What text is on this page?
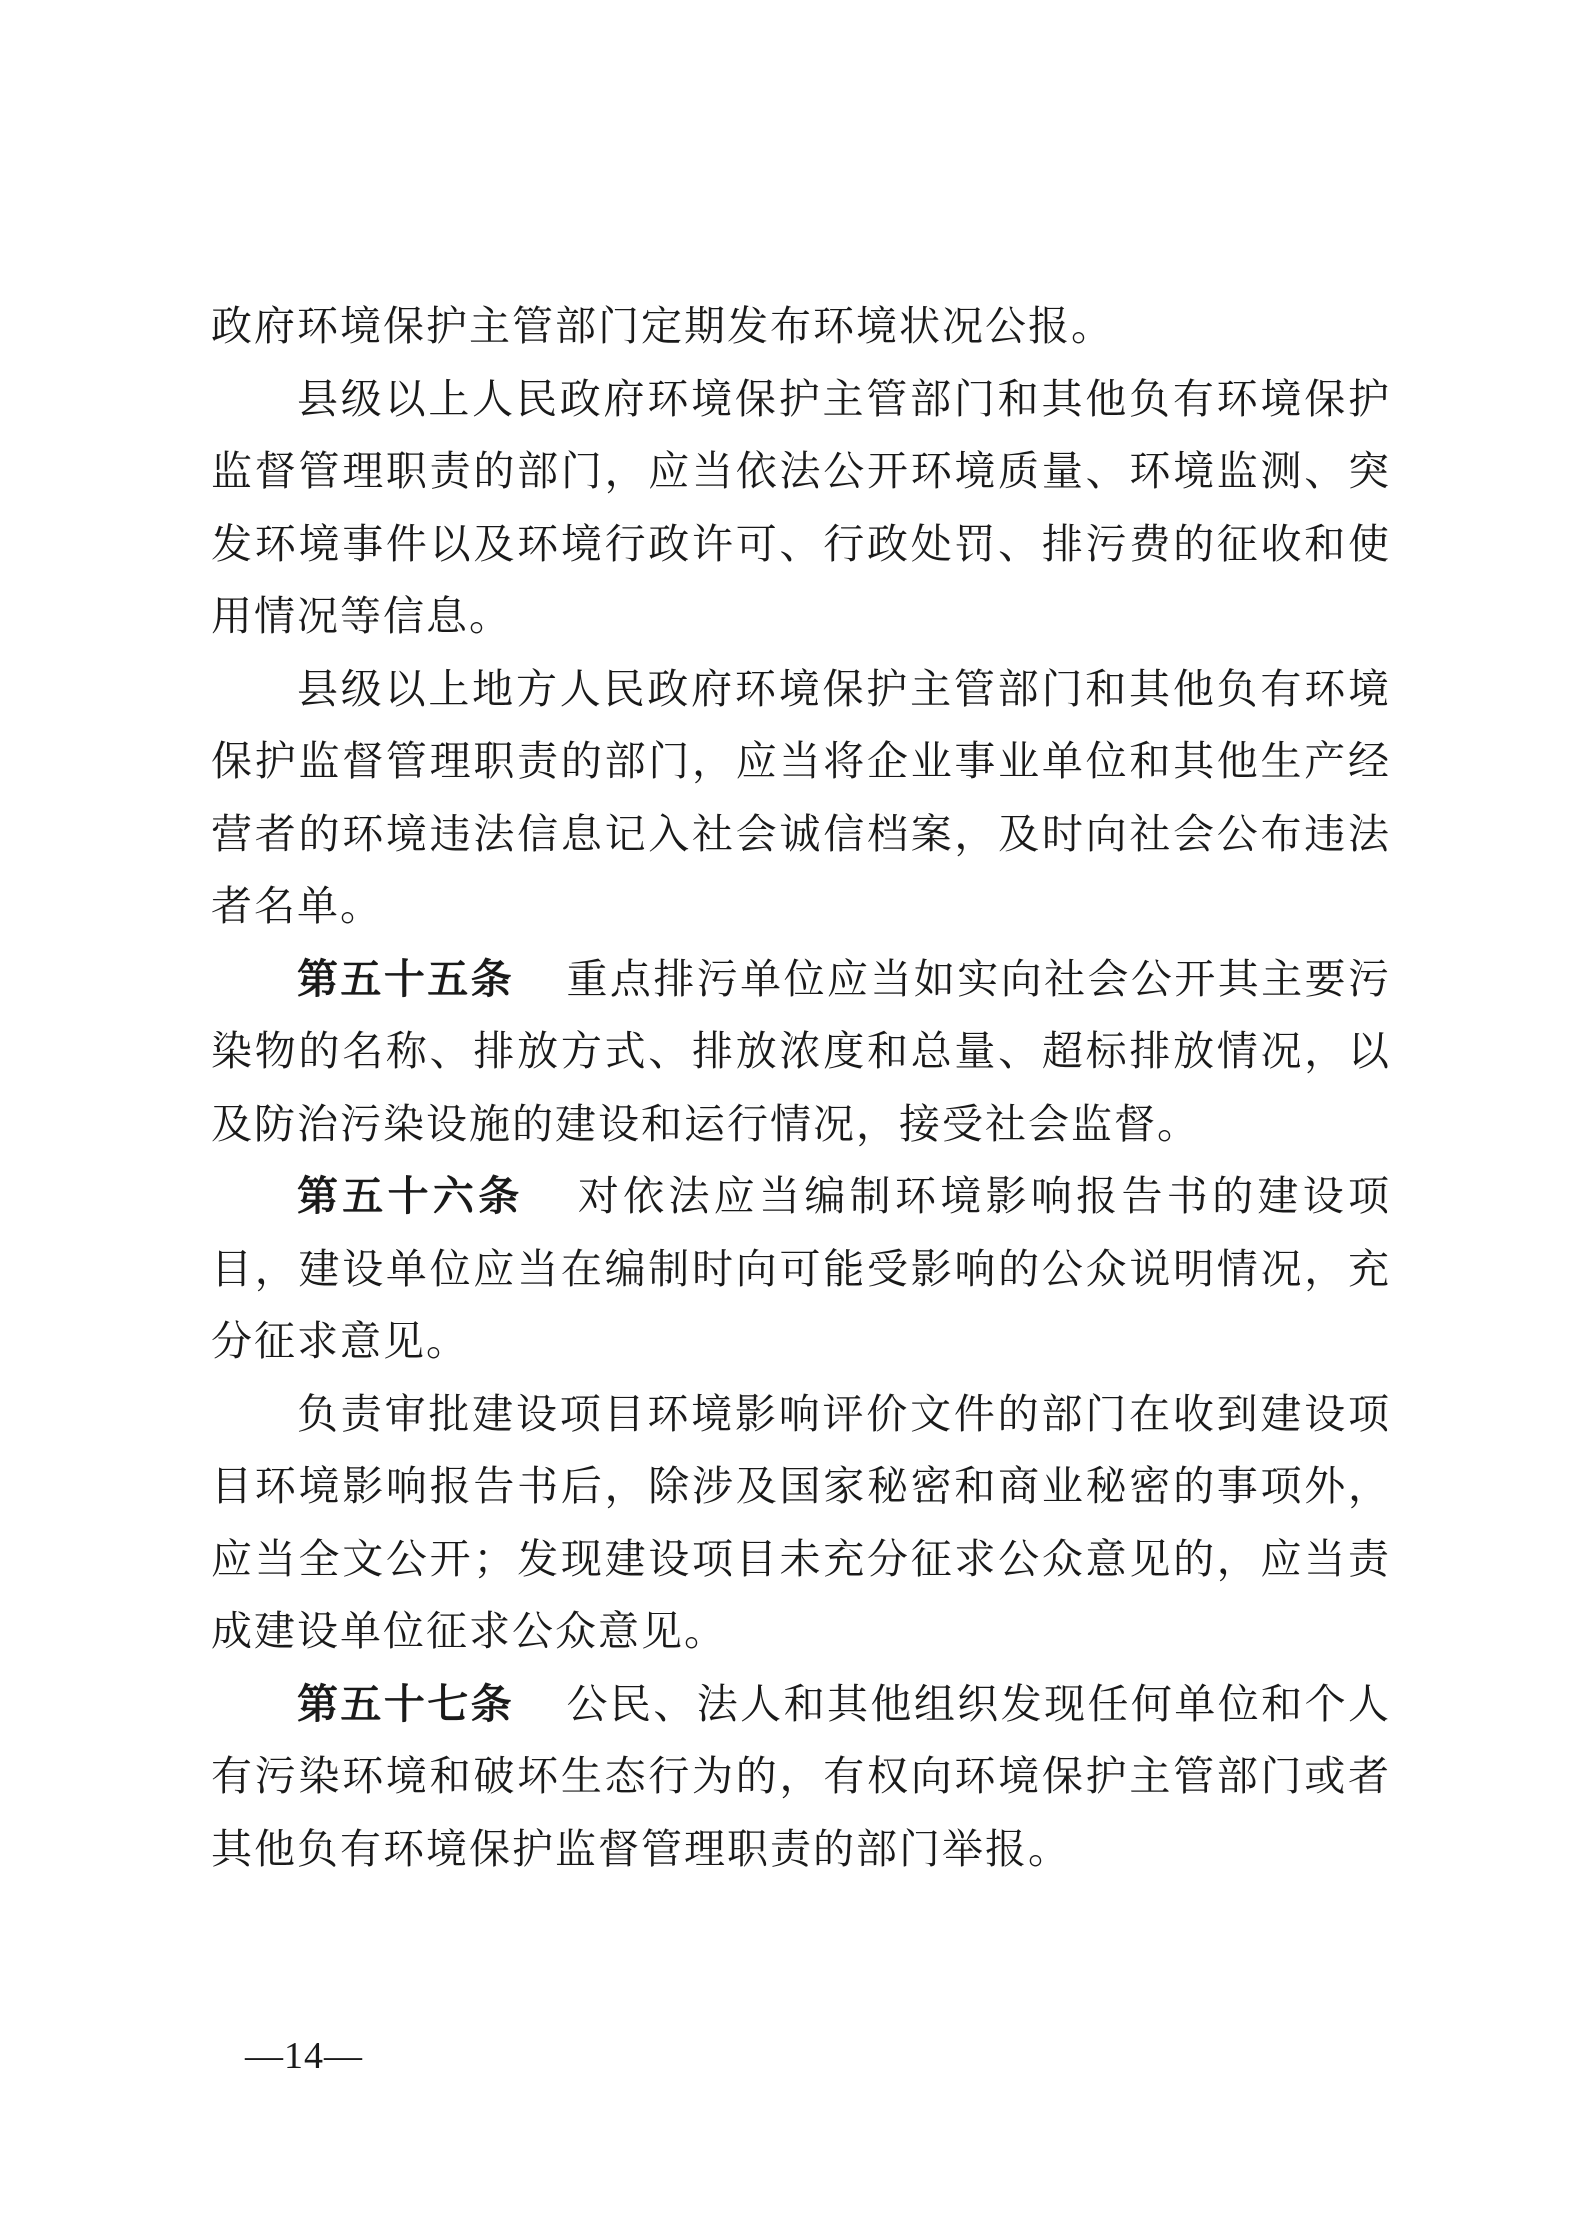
政府环境保护主管部门定期发布环境状况公报。

县级以上人民政府环境保护主管部门和其他负有环境保护监督管理职责的部门，应当依法公开环境质量、环境监测、突发环境事件以及环境行政许可、行政处罚、排污费的征收和使用情况等信息。

县级以上地方人民政府环境保护主管部门和其他负有环境保护监督管理职责的部门，应当将企业事业单位和其他生产经营者的环境违法信息记入社会诚信档案，及时向社会公布违法者名单。

第五十五条 重点排污单位应当如实向社会公开其主要污染物的名称、排放方式、排放浓度和总量、超标排放情况，以及防治污染设施的建设和运行情况，接受社会监督。

第五十六条 对依法应当编制环境影响报告书的建设项目，建设单位应当在编制时向可能受影响的公众说明情况，充分征求意见。

负责审批建设项目环境影响评价文件的部门在收到建设项目环境影响报告书后，除涉及国家秘密和商业秘密的事项外，应当全文公开；发现建设项目未充分征求公众意见的，应当责成建设单位征求公众意见。

第五十七条 公民、法人和其他组织发现任何单位和个人有污染环境和破坏生态行为的，有权向环境保护主管部门或者其他负有环境保护监督管理职责的部门举报。

—14—
